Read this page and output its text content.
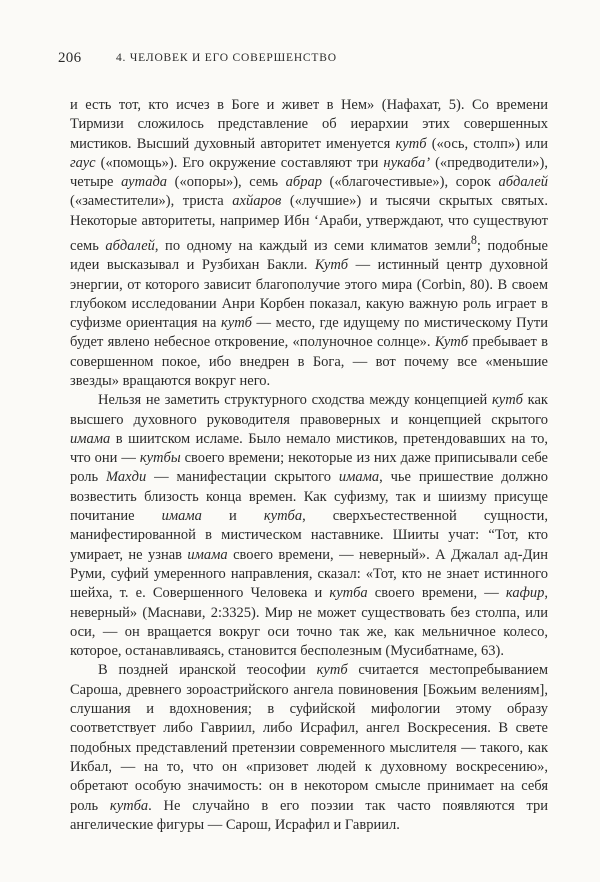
206	4. ЧЕЛОВЕК И ЕГО СОВЕРШЕНСТВО

и есть тот, кто исчез в Боге и живет в Нем» (Нафахат, 5). Со времени Тирмизи сложилось представление об иерархии этих совершенных мистиков. Высший духовный авторитет именуется кутб («ось, столп») или гаус («помощь»). Его окружение составляют три нукаба’ («предводители»), четыре аутада («опоры»), семь абрар («благочестивые»), сорок абдалей («заместители»), триста ахйаров («лучшие») и тысячи скрытых святых. Некоторые авторитеты, например Ибн ‘Араби, утверждают, что существуют семь абдалей, по одному на каждый из семи климатов земли$^8$; подобные идеи высказывал и Рузбихан Бакли. Кутб — истинный центр духовной энергии, от которого зависит благополучие этого мира (Corbin, 80). В своем глубоком исследовании Анри Корбен показал, какую важную роль играет в суфизме ориентация на кутб — место, где идущему по мистическому Пути будет явлено небесное откровение, «полуночное солнце». Кутб пребывает в совершенном покое, ибо внедрен в Бога, — вот почему все «меньшие звезды» вращаются вокруг него.

Нельзя не заметить структурного сходства между концепцией кутб как высшего духовного руководителя правоверных и концепцией скрытого имама в шиитском исламе. Было немало мистиков, претендовавших на то, что они — кутбы своего времени; некоторые из них даже приписывали себе роль Махди — манифестации скрытого имама, чье пришествие должно возвестить близость конца времен. Как суфизму, так и шиизму присуще почитание имама и кутба, сверхъестественной сущности, манифестированной в мистическом наставнике. Шииты учат: “Тот, кто умирает, не узнав имама своего времени, — неверный». А Джалал ад-Дин Руми, суфий умеренного направления, сказал: «Тот, кто не знает истинного шейха, т. е. Совершенного Человека и кутба своего времени, — кафир, неверный» (Маснави, 2:3325). Мир не может существовать без столпа, или оси, — он вращается вокруг оси точно так же, как мельничное колесо, которое, останавливаясь, становится бесполезным (Мусибатнаме, 63).

В поздней иранской теософии кутб считается местопребыванием Сароша, древнего зороастрийского ангела повиновения [Божьим велениям], слушания и вдохновения; в суфийской мифологии этому образу соответствует либо Гавриил, либо Исрафил, ангел Воскресения. В свете подобных представлений претензии современного мыслителя — такого, как Икбал, — на то, что он «призовет людей к духовному воскресению», обретают особую значимость: он в некотором смысле принимает на себя роль кутба. Не случайно в его поэзии так часто появляются три ангелические фигуры — Сарош, Исрафил и Гавриил.
